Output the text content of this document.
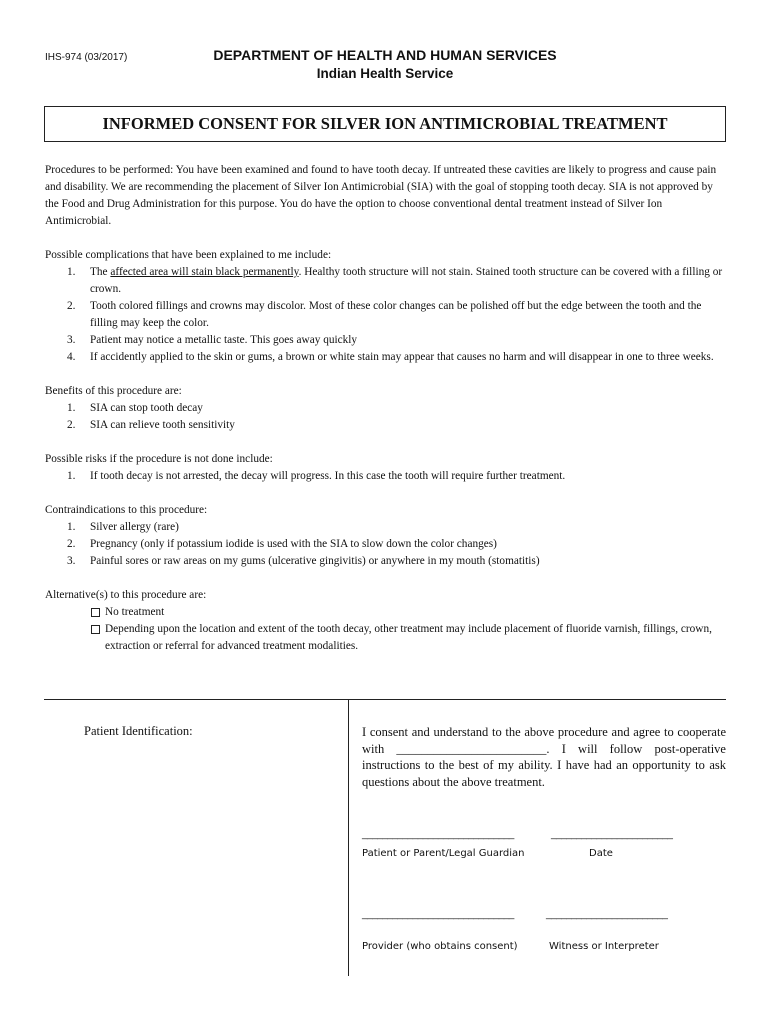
IHS-974 (03/2017)	DEPARTMENT OF HEALTH AND HUMAN SERVICES
Indian Health Service
INFORMED CONSENT FOR SILVER ION ANTIMICROBIAL TREATMENT

Procedures to be performed: You have been examined and found to have tooth decay. If untreated these cavities are likely to progress and cause pain and disability. We are recommending the placement of Silver Ion Antimicrobial (SIA) with the goal of stopping tooth decay. SIA is not approved by the Food and Drug Administration for this purpose. You do have the option to choose conventional dental treatment instead of Silver Ion Antimicrobial.

Possible complications that have been explained to me include:

1. The affected area will stain black permanently. Healthy tooth structure will not stain. Stained tooth structure can be covered with a filling or crown.
2. Tooth colored fillings and crowns may discolor. Most of these color changes can be polished off but the edge between the tooth and the filling may keep the color.
3. Patient may notice a metallic taste. This goes away quickly
4. If accidently applied to the skin or gums, a brown or white stain may appear that causes no harm and will disappear in one to three weeks.

Benefits of this procedure are:

1. SIA can stop tooth decay
2. SIA can relieve tooth sensitivity

Possible risks if the procedure is not done include:

1. If tooth decay is not arrested, the decay will progress. In this case the tooth will require further treatment.

Contraindications to this procedure:

1. Silver allergy (rare)
2. Pregnancy (only if potassium iodide is used with the SIA to slow down the color changes)
3. Painful sores or raw areas on my gums (ulcerative gingivitis) or anywhere in my mouth (stomatitis)

Alternative(s) to this procedure are:

No treatment
Depending upon the location and extent of the tooth decay, other treatment may include placement of fluoride varnish, fillings, crown, extraction or referral for advanced treatment modalities.
Patient Identification:	I consent and understand to the above procedure and agree to cooperate with ________________________. I will follow post-operative instructions to the best of my ability. I have had an opportunity to ask questions about the above treatment.
______________________________	________________________
Patient or Parent/Legal Guardian	Date
______________________________	________________________
Provider (who obtains consent)	Witness or Interpreter
